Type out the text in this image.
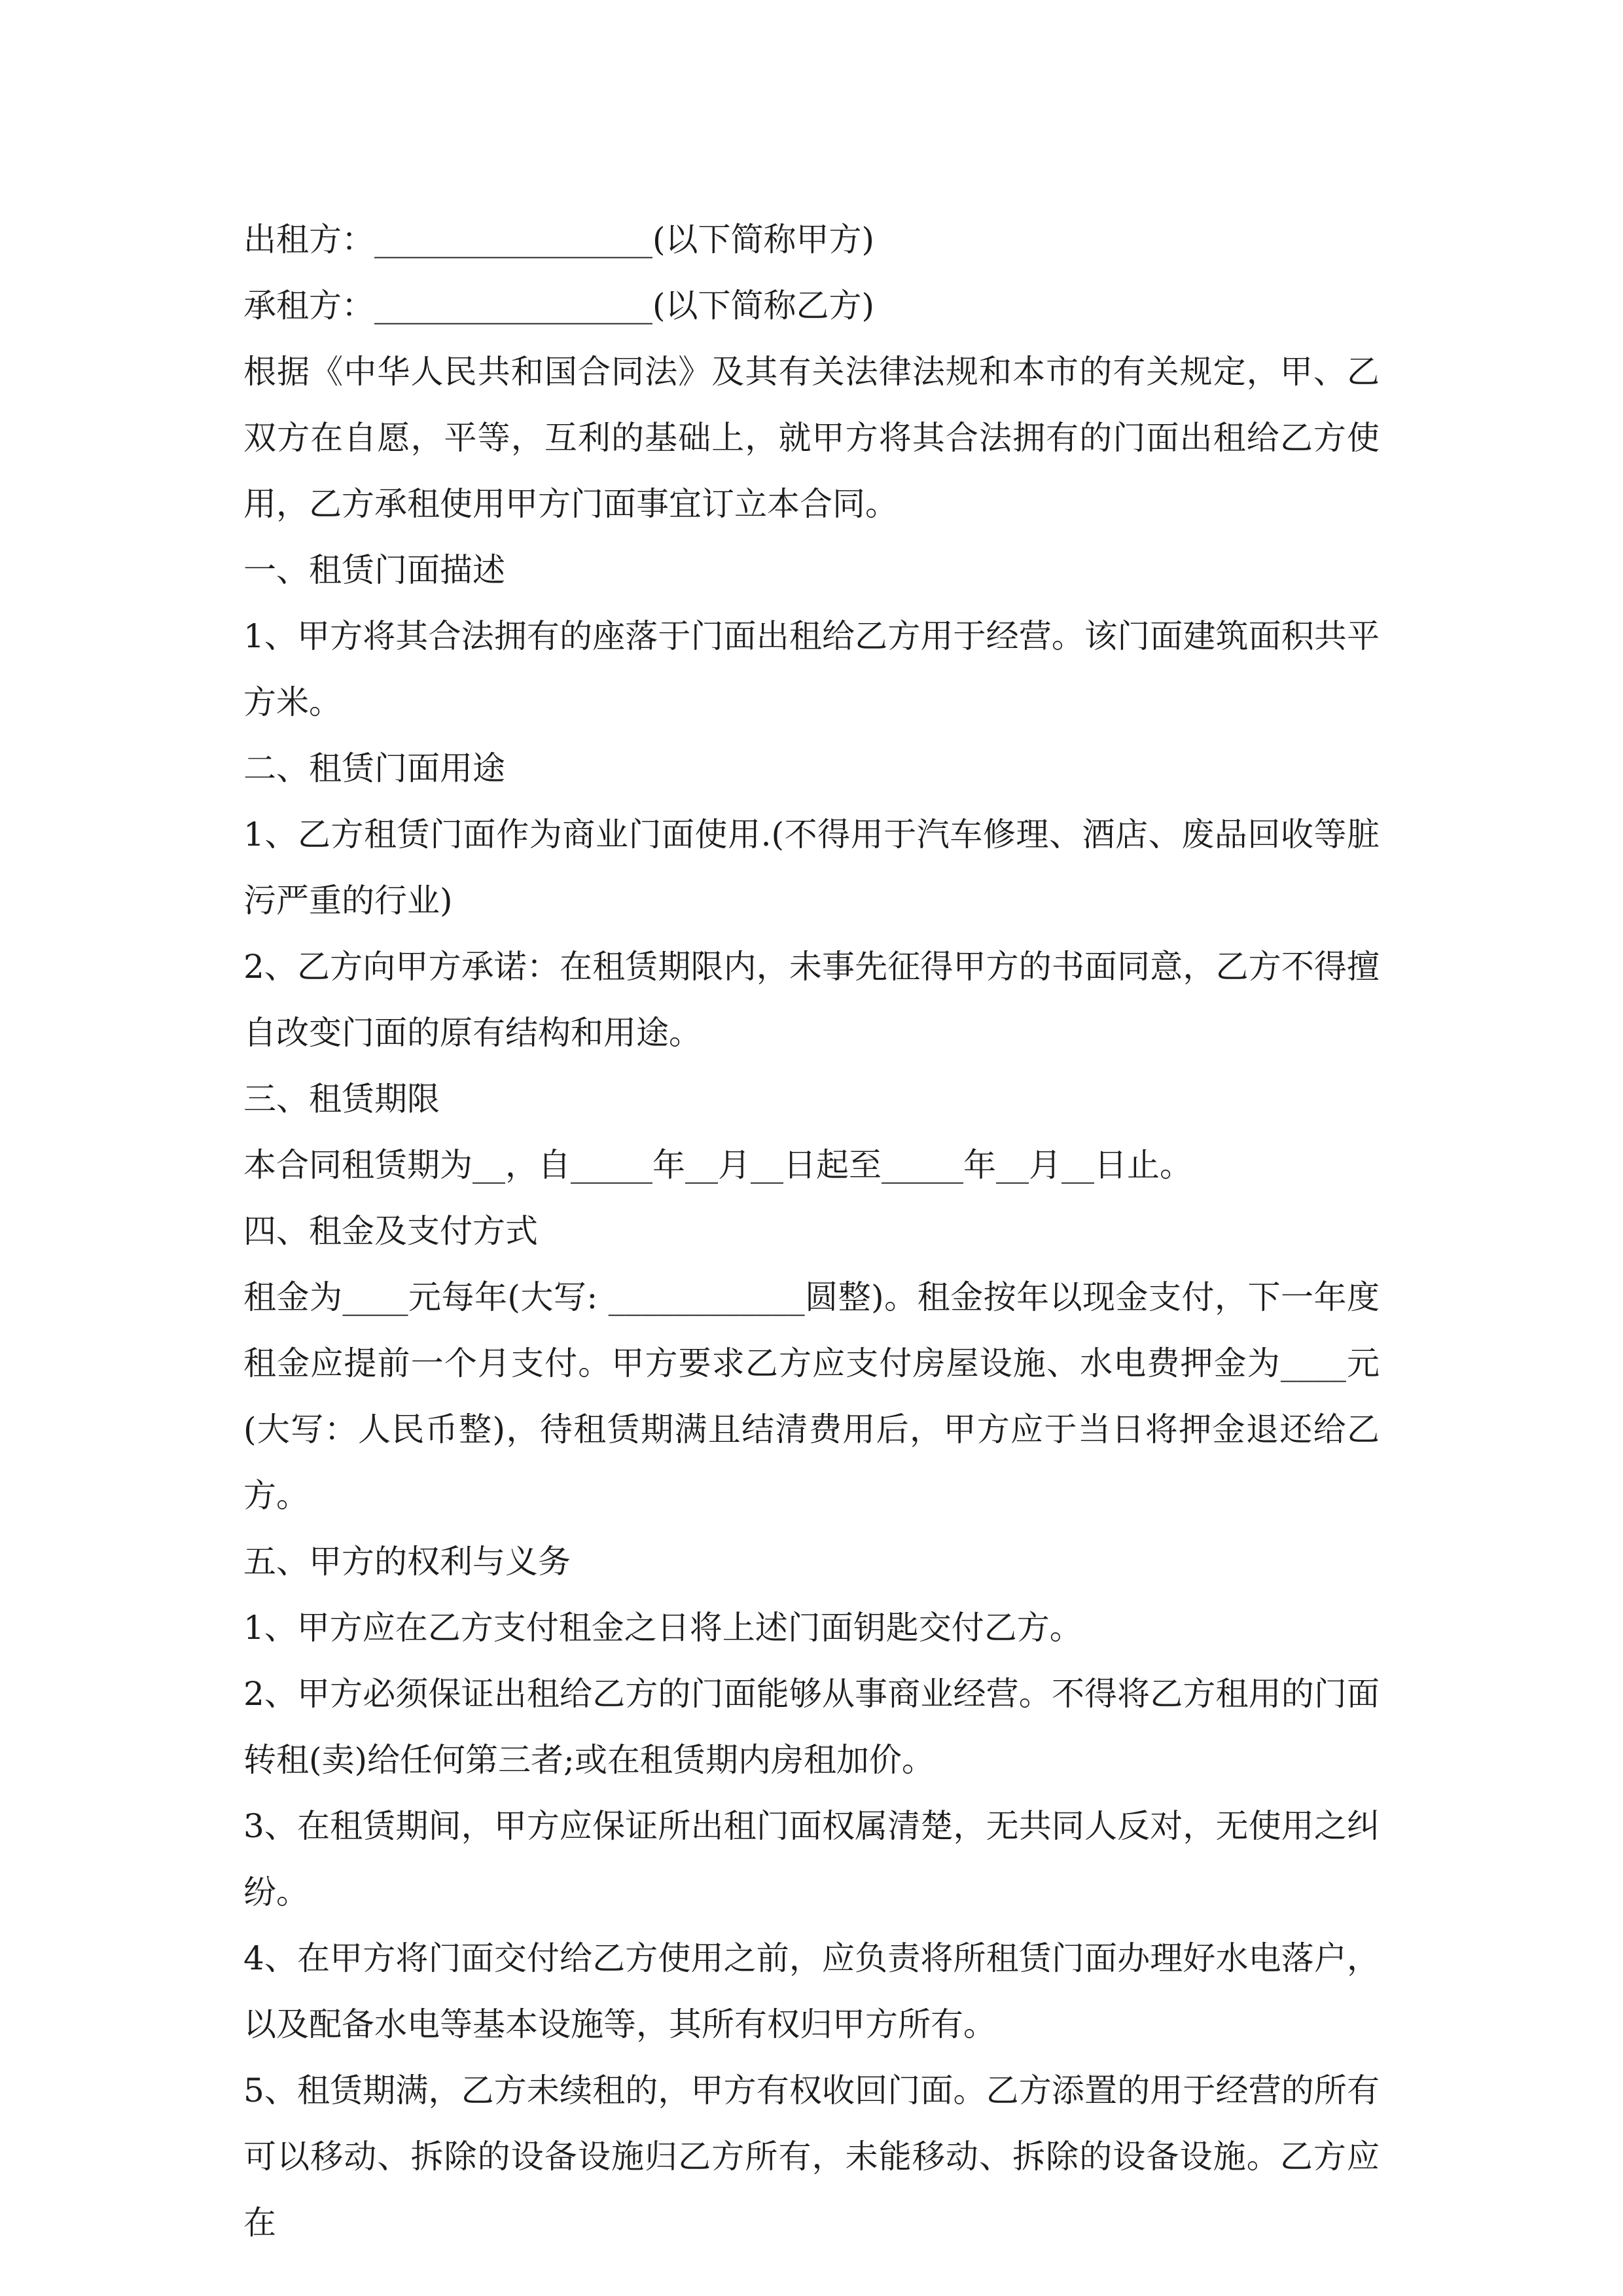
出租方：_________________(以下简称甲方)

承租方：_________________(以下简称乙方)

根据《中华人民共和国合同法》及其有关法律法规和本市的有关规定，甲、乙双方在自愿，平等，互利的基础上，就甲方将其合法拥有的门面出租给乙方使用，乙方承租使用甲方门面事宜订立本合同。

一、租赁门面描述

1、甲方将其合法拥有的座落于门面出租给乙方用于经营。该门面建筑面积共平方米。

二、租赁门面用途

1、乙方租赁门面作为商业门面使用.(不得用于汽车修理、酒店、废品回收等脏污严重的行业)

2、乙方向甲方承诺：在租赁期限内，未事先征得甲方的书面同意，乙方不得擅自改变门面的原有结构和用途。

三、租赁期限

本合同租赁期为__，自_____年__月__日起至_____年__月__日止。

四、租金及支付方式

租金为____元每年(大写: ____________圆整)。租金按年以现金支付，下一年度租金应提前一个月支付。甲方要求乙方应支付房屋设施、水电费押金为____元(大写：人民币整)，待租赁期满且结清费用后，甲方应于当日将押金退还给乙方。

五、甲方的权利与义务

1、甲方应在乙方支付租金之日将上述门面钥匙交付乙方。

2、甲方必须保证出租给乙方的门面能够从事商业经营。不得将乙方租用的门面转租(卖)给任何第三者;或在租赁期内房租加价。

3、在租赁期间，甲方应保证所出租门面权属清楚，无共同人反对，无使用之纠纷。

4、在甲方将门面交付给乙方使用之前，应负责将所租赁门面办理好水电落户，以及配备水电等基本设施等，其所有权归甲方所有。

5、租赁期满，乙方未续租的，甲方有权收回门面。乙方添置的用于经营的所有可以移动、拆除的设备设施归乙方所有，未能移动、拆除的设备设施。乙方应在
